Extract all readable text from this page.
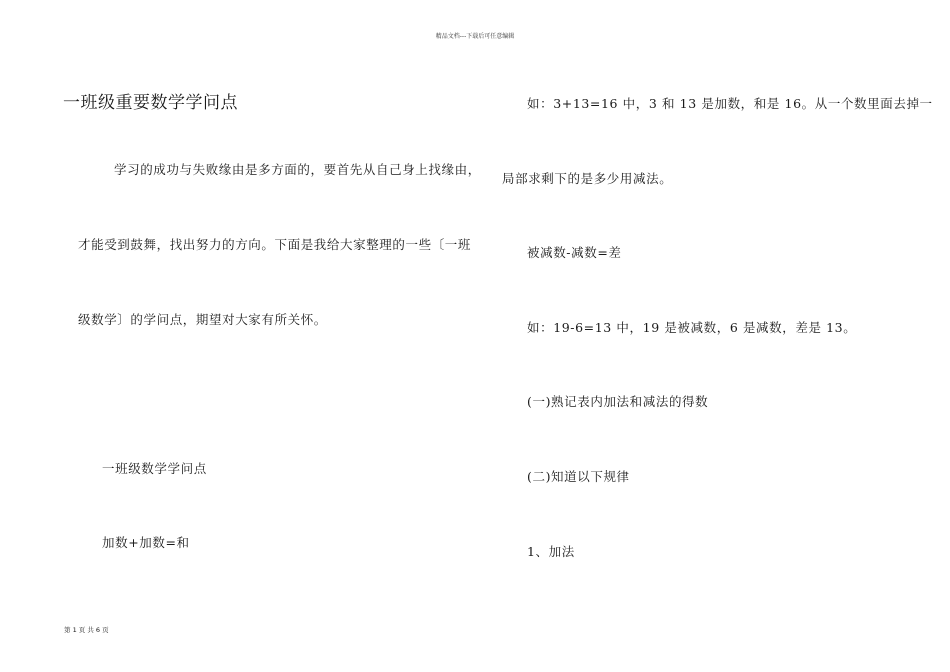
精品文档---下载后可任意编辑
一班级重要数学学问点
学习的成功与失败缘由是多方面的，要首先从自己身上找缘由，
才能受到鼓舞，找出努力的方向。下面是我给大家整理的一些〔一班
级数学〕的学问点，期望对大家有所关怀。
一班级数学学问点
加数+加数=和
如：3+13=16 中，3 和 13 是加数，和是 16。从一个数里面去掉一
局部求剩下的是多少用减法。
被减数-减数=差
如：19-6=13 中，19 是被减数，6 是减数，差是 13。
(一)熟记表内加法和减法的得数
(二)知道以下规律
1、加法
第 1 页 共 6 页
